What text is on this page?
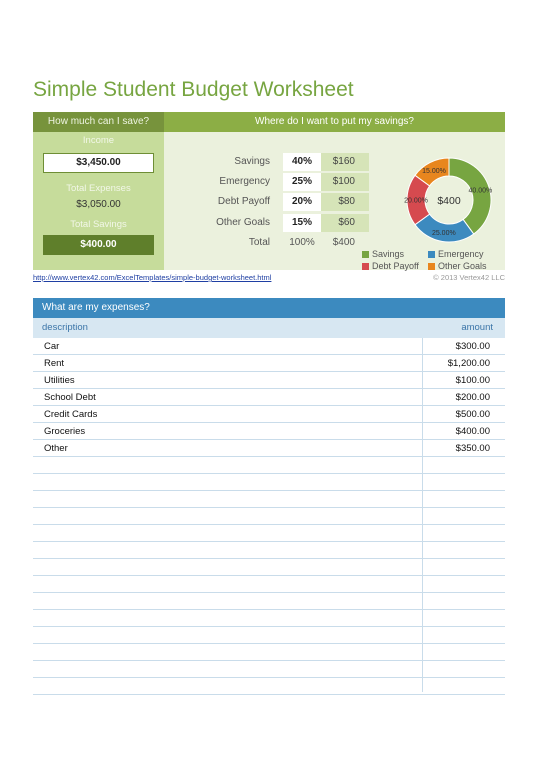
Simple Student Budget Worksheet
How much can I save?	Where do I want to put my savings?
Income
$3,450.00
Total Expenses
$3,050.00
Total Savings
$400.00
Savings	40%	$160
Emergency	25%	$100
Debt Payoff	20%	$80
Other Goals	15%	$60
Total	100%	$400
40.00%
25.00%
20.00%
15.00%
$400
Savings	Emergency
Debt Payoff	Other Goals
http://www.vertex42.com/ExcelTemplates/simple-budget-worksheet.html	© 2013 Vertex42 LLC
What are my expenses?
description	amount
Car	$300.00
Rent	$1,200.00
Utilities	$100.00
School Debt	$200.00
Credit Cards	$500.00
Groceries	$400.00
Other	$350.00
